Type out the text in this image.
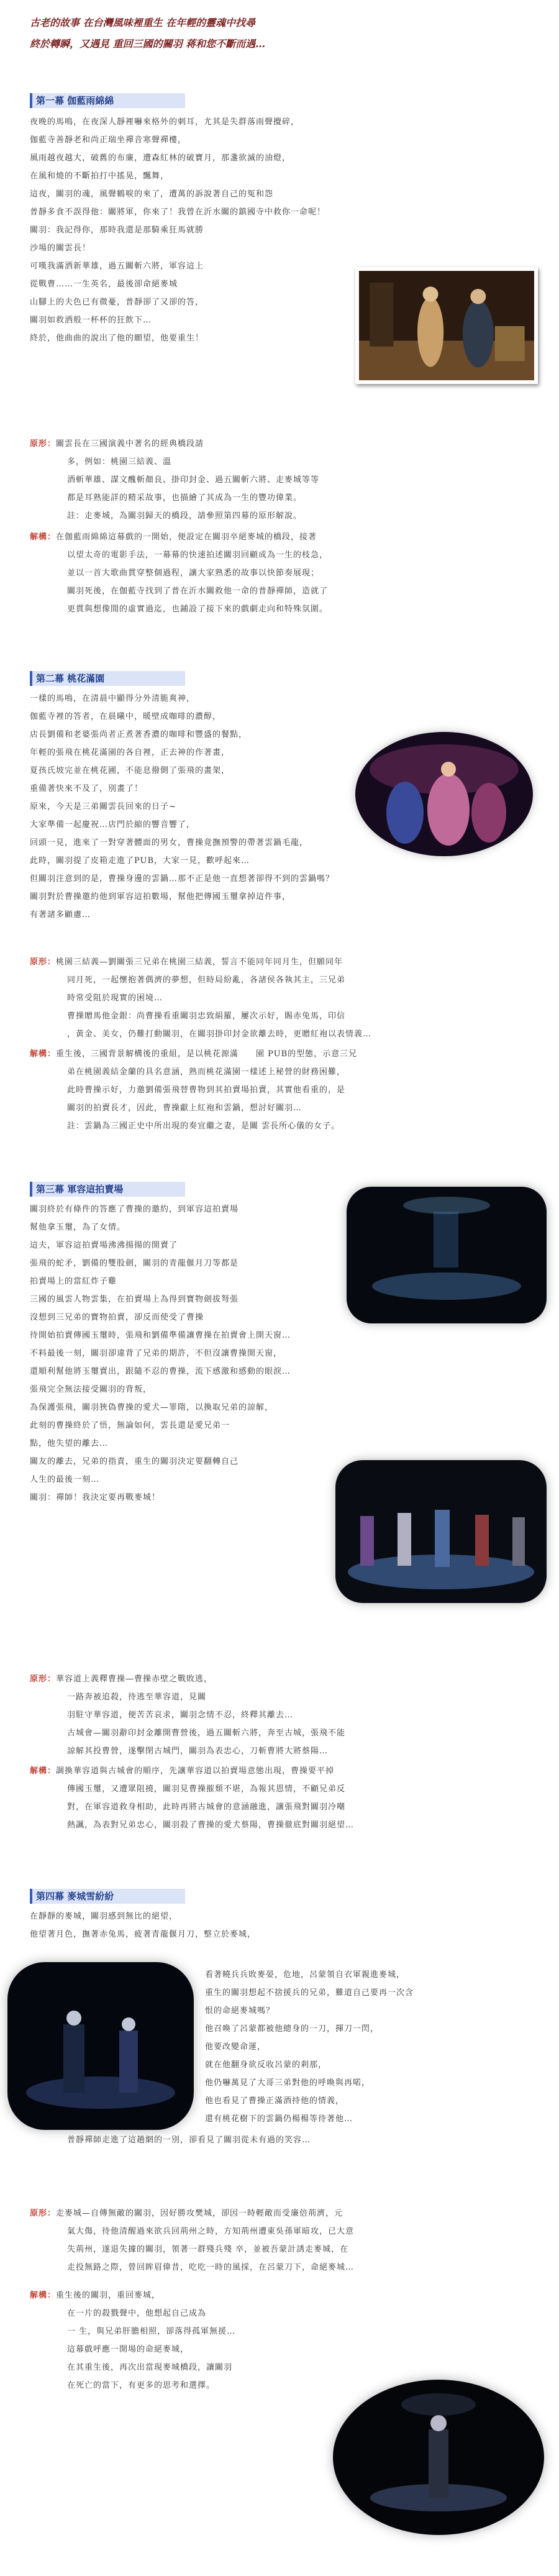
古老的故事 在台灣風味裡重生 在年輕的靈魂中找尋
終於轉瞬，又遇見 重回三國的關羽 蒋和您不斷而遇…
第一幕 伽藍雨綿綿
夜晚的馬鳴，在夜深人靜裡嚇來格外的刺耳，尤其是失群落雨聲攪碎，
伽藍寺善靜老和尚正瑞坐禪音寒聲禪樓，
風雨越夜越大，破舊的布廉，遭森紅林的破寶月，那盞欲滅的油燈，
在風和燒的不斷拍打中搖晃，飄舞，
這夜，關羽的魂，風聲鶴唳的來了，遭萬的訴說著自己的冤和怨
普靜多食不誤得他：關將軍，你來了！我曾在沂水關的鎮國寺中救你一命呢！
關羽：我記得你，那時我還是那騎乘狂馬就勝
沙場的關雲長！
可嘆我滿洒新華雄，過五關斬六將，軍容這上
從戰曹……一生英名，最後卻命絕麥城
山腳上的夫色已有微憂，普靜卻了又卻的答，
關羽如救洒般一杯杯的狂飲下…
終於，他曲曲的說出了他的願望，他要重生！
原形：關雲長在三國演義中著名的經典橋段請
多，例如：桃園三結義、溫
酒斬華雄、謀文醜斬顏良、掛印封金、過五關斬六將、走麥城等等
都是耳熟能詳的精采故事，也描繪了其成為一生的豐功偉業。
註：走麥城，為關羽歸天的橋段，請參照第四幕的原形解說。
解構：在伽藍雨綿綿這幕戲的一開始，便設定在關羽卒絕麥城的橋段，接著
以望太奇的電影手法，一幕幕的快速拍述關羽回顧成為一生的枝急，
並以一首大歌曲貫穿整個過程，讓大家熟悉的故事以快節奏展現；
關羽死後，在伽藍寺找到了普在沂水關救他一命的普靜禪師，造就了
更貫與想像間的虛實過迄，也鋪設了接下來的戲劇走向和特殊氛圍。
第二幕 桃花滿園
一樣的馬鳴，在清晨中顯得分外清脆爽神，
伽藍寺裡的答者，在晨曦中，暖壁成咖啡的濃醇，
店長劉備和老婆張尚者正煮著香濃的咖啡和豐盛的餐點，
年輕的張飛在桃花滿園的各自裡，正去神的作著畫，
夏孩氏坡完並在桃花圃，不能息撥側了張飛的畫架，
重備著快來不及了，別畫了！
原來，今天是三弟關雲長回來的日子~
大家準備一起慶祝…店門於縮的響音響了，
回頭一見，進來了一對穿著體面的男女，曹操竟撫預警的帶著雲鍋毛龍，
此時，關羽提了皮箱走進了PUB，大家一見，歡呼起來…
但關羽注意到的是，曹操身邊的雲鍋…那不正是他一直想著卻得不到的雲鍋嗎？
關羽對於曹操邀約他到軍容這拍數場，幫他把傳國玉璽拿掉這件事，
有著諸多顧慮…
原形：桃園三結義—劉關張三兄弟在桃園三結義，誓言不能同年同月生，但願同年
同月死，一起懷抱著偶濟的夢想，但時局紛亂，各諸侯各執其主，三兄弟
時常受阻於現實的困境…
曹操贈馬他金銀：尚曹操看重關羽忠致絹羅，屢次示好，賜赤兔馬，印信
，黃金、美女，仍難打動關羽，在關羽掛印封金欲離去時，更贈紅袍以表情義…
解構：重生後，三國背景解構後的重組，是以桃花源滿　　園 PUB的型態，示意三兄
弟在桃園義結金蘭的具名意涵，熟而桃花滿園一樣述上秘營的財務困難，
此時曹操示好，力邀劉備張飛替曹物到其拍賣場拍賣，其實他看重的，是
關羽的拍賣長才，因此，曹操獻上紅袍和雲鍋，想討好關羽…
註：雲鍋為三國正史中所出現的奏宜繼之妻，是關 雲長所心儀的女子。
第三幕 軍容這拍賣場
關羽終於有條件的答應了曹操的邀約，到軍容這拍賣場
幫他拿玉璽，為了女情。
這夫，軍容這拍賣場沸沸揚揚的開賣了
張飛的蛇矛，劉備的雙股劍，關羽的青龍偃月刀等都是
拍賣場上的當紅炸子雞
三國的風雲人物雲集，在拍賣場上為得到寶物劍拔弩張
沒想到三兄弟的寶物拍賣，卻反而使受了曹操
待開始拍賣傳國玉璽時，張飛和劉備準備讓曹操在拍賣會上開天窗…
不料最後一刻，關羽卻違背了兄弟的期許，不但沒讓曹操開天窗，
還順利幫他將玉璽賣出，跟隨不忍的曹操，流下感激和感動的眼淚…
張飛完全無法接受關羽的背叛，
為保護張飛，關羽狹偽曹操的愛犬—罪隋，以換取兄弟的諒解，
此刻的曹操終於了悟，無論如何，雲長還是愛兄弟一
點，他失望的離去…
關友的離去，兄弟的指責，重生的關羽決定要翻轉自己
人生的最後一刻…
關羽：禪師！我決定要再戰麥城！
原形：華容道上義釋曹操—曹操赤壁之戰敗逃，
一路奔被追殺，待逃至華容道，見關
羽駐守華容道，便苦苦哀求，關羽念情不忍，終釋其離去…
古城會—關羽辭印封金離開曹營後，過五關斬六將，奔至古城，張飛不能
諒解其投曹營，遂擊閉古城門，關羽為表忠心，刀斬曹將大將蔡陽…
解構：調換華容道與古城會的順序，先讓華容道以拍賣場意態出現，曹操要平掉
傳國玉璽，又遭眾阻撓，關羽見曹操摧頹不堪，為報其恩情，不顧兄弟反
對，在軍容道救身相助，此時再將古城會的意涵融進，讓張飛對關羽冷嘲
熱諷，為表對兄弟忠心，關羽殺了曹操的愛犬蔡陽，曹操徹底對關羽絕望…
第四幕 麥城雪紛紛
在靜靜的麥城，關羽感到無比的絕望，
他望著月色，撫著赤兔馬，疲著青龍偃月刀，整立於麥城，
看著曉兵兵敗麥晏，危地，呂蒙領自衣軍親進麥城，
重生的關羽想起不捨援兵的兄弟，難道自己要再一次含
恨的命絕麥城嗎？
他召喚了呂蒙都被他總身的一刀，揮刀一閃，
他要改變命運，
就在他翻身欲反收呂蒙的剎那，
他仍嚇萬見了大哥三弟對他的呼喚與再喏，
他也看見了曹操正滿酒持他的情義，
還有桃花樹下的雲鍋仍楊楊等待著他…
普靜禪師走進了這趟網的一別，卻看見了關羽從未有過的笑容…
原形：走麥城—自傳無敵的關羽，因好勝攻樊城，卻因一時輕敵而受廉倍荊濟，元
氣大傷，待他清醒過來欲兵回荊州之時，方知荊州遭東吳孫軍暗攻，已大意
失荊州，遂退失據的關羽，領著一群殘兵殘 卒，並被吾蒙計誘走麥城，在
走投無路之際，曾回眸眉偉昔，吃吃一時的風採，在呂蒙刀下，命絕麥城…
解構：重生後的關羽，重回麥城，
在一片的殺戮聲中，他想起自己成為
一 生，與兄弟肝膽相照，卻落得孤軍無援…
這幕戲呼應一開場的命絕麥城，
在其重生後，再次出當現麥城橋段，讓關羽
在死亡的當下，有更多的思考和選擇。
